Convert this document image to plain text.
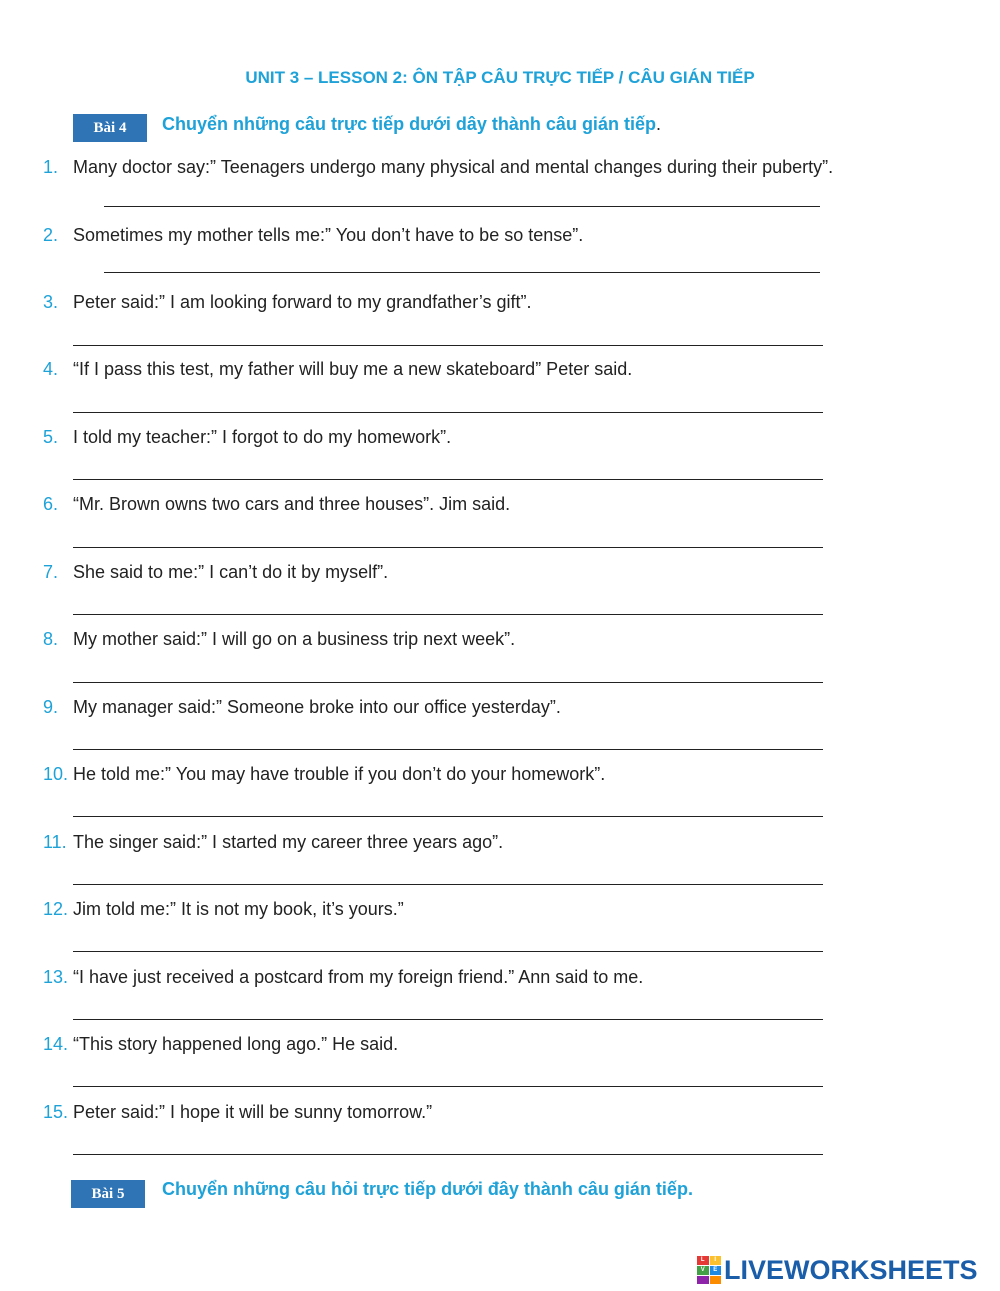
UNIT 3 – LESSON 2: ÔN TẬP CÂU TRỰC TIẾP / CÂU GIÁN TIẾP
Bài 4	Chuyển những câu trực tiếp dưới dây thành câu gián tiếp.
1. Many doctor say:” Teenagers undergo many physical and mental changes during their puberty”.
2. Sometimes my mother tells me:” You don’t have to be so tense”.
3. Peter said:” I am looking forward to my grandfather’s gift”.
4. “If I pass this test, my father will buy me a new skateboard” Peter said.
5. I told my teacher:” I forgot to do my homework”.
6. “Mr. Brown owns two cars and three houses”. Jim said.
7. She said to me:” I can’t do it by myself”.
8. My mother said:” I will go on a business trip next week”.
9. My manager said:” Someone broke into our office yesterday”.
10. He told me:” You may have trouble if you don’t do your homework”.
11. The singer said:” I started my career three years ago”.
12. Jim told me:” It is not my book, it’s yours.”
13. “I have just received a postcard from my foreign friend.” Ann said to me.
14. “This story happened long ago.” He said.
15. Peter said:” I hope it will be sunny tomorrow.”
Bài 5	Chuyển những câu hỏi trực tiếp dưới đây thành câu gián tiếp.
L	I
V	E LIVEWORKSHEETS
